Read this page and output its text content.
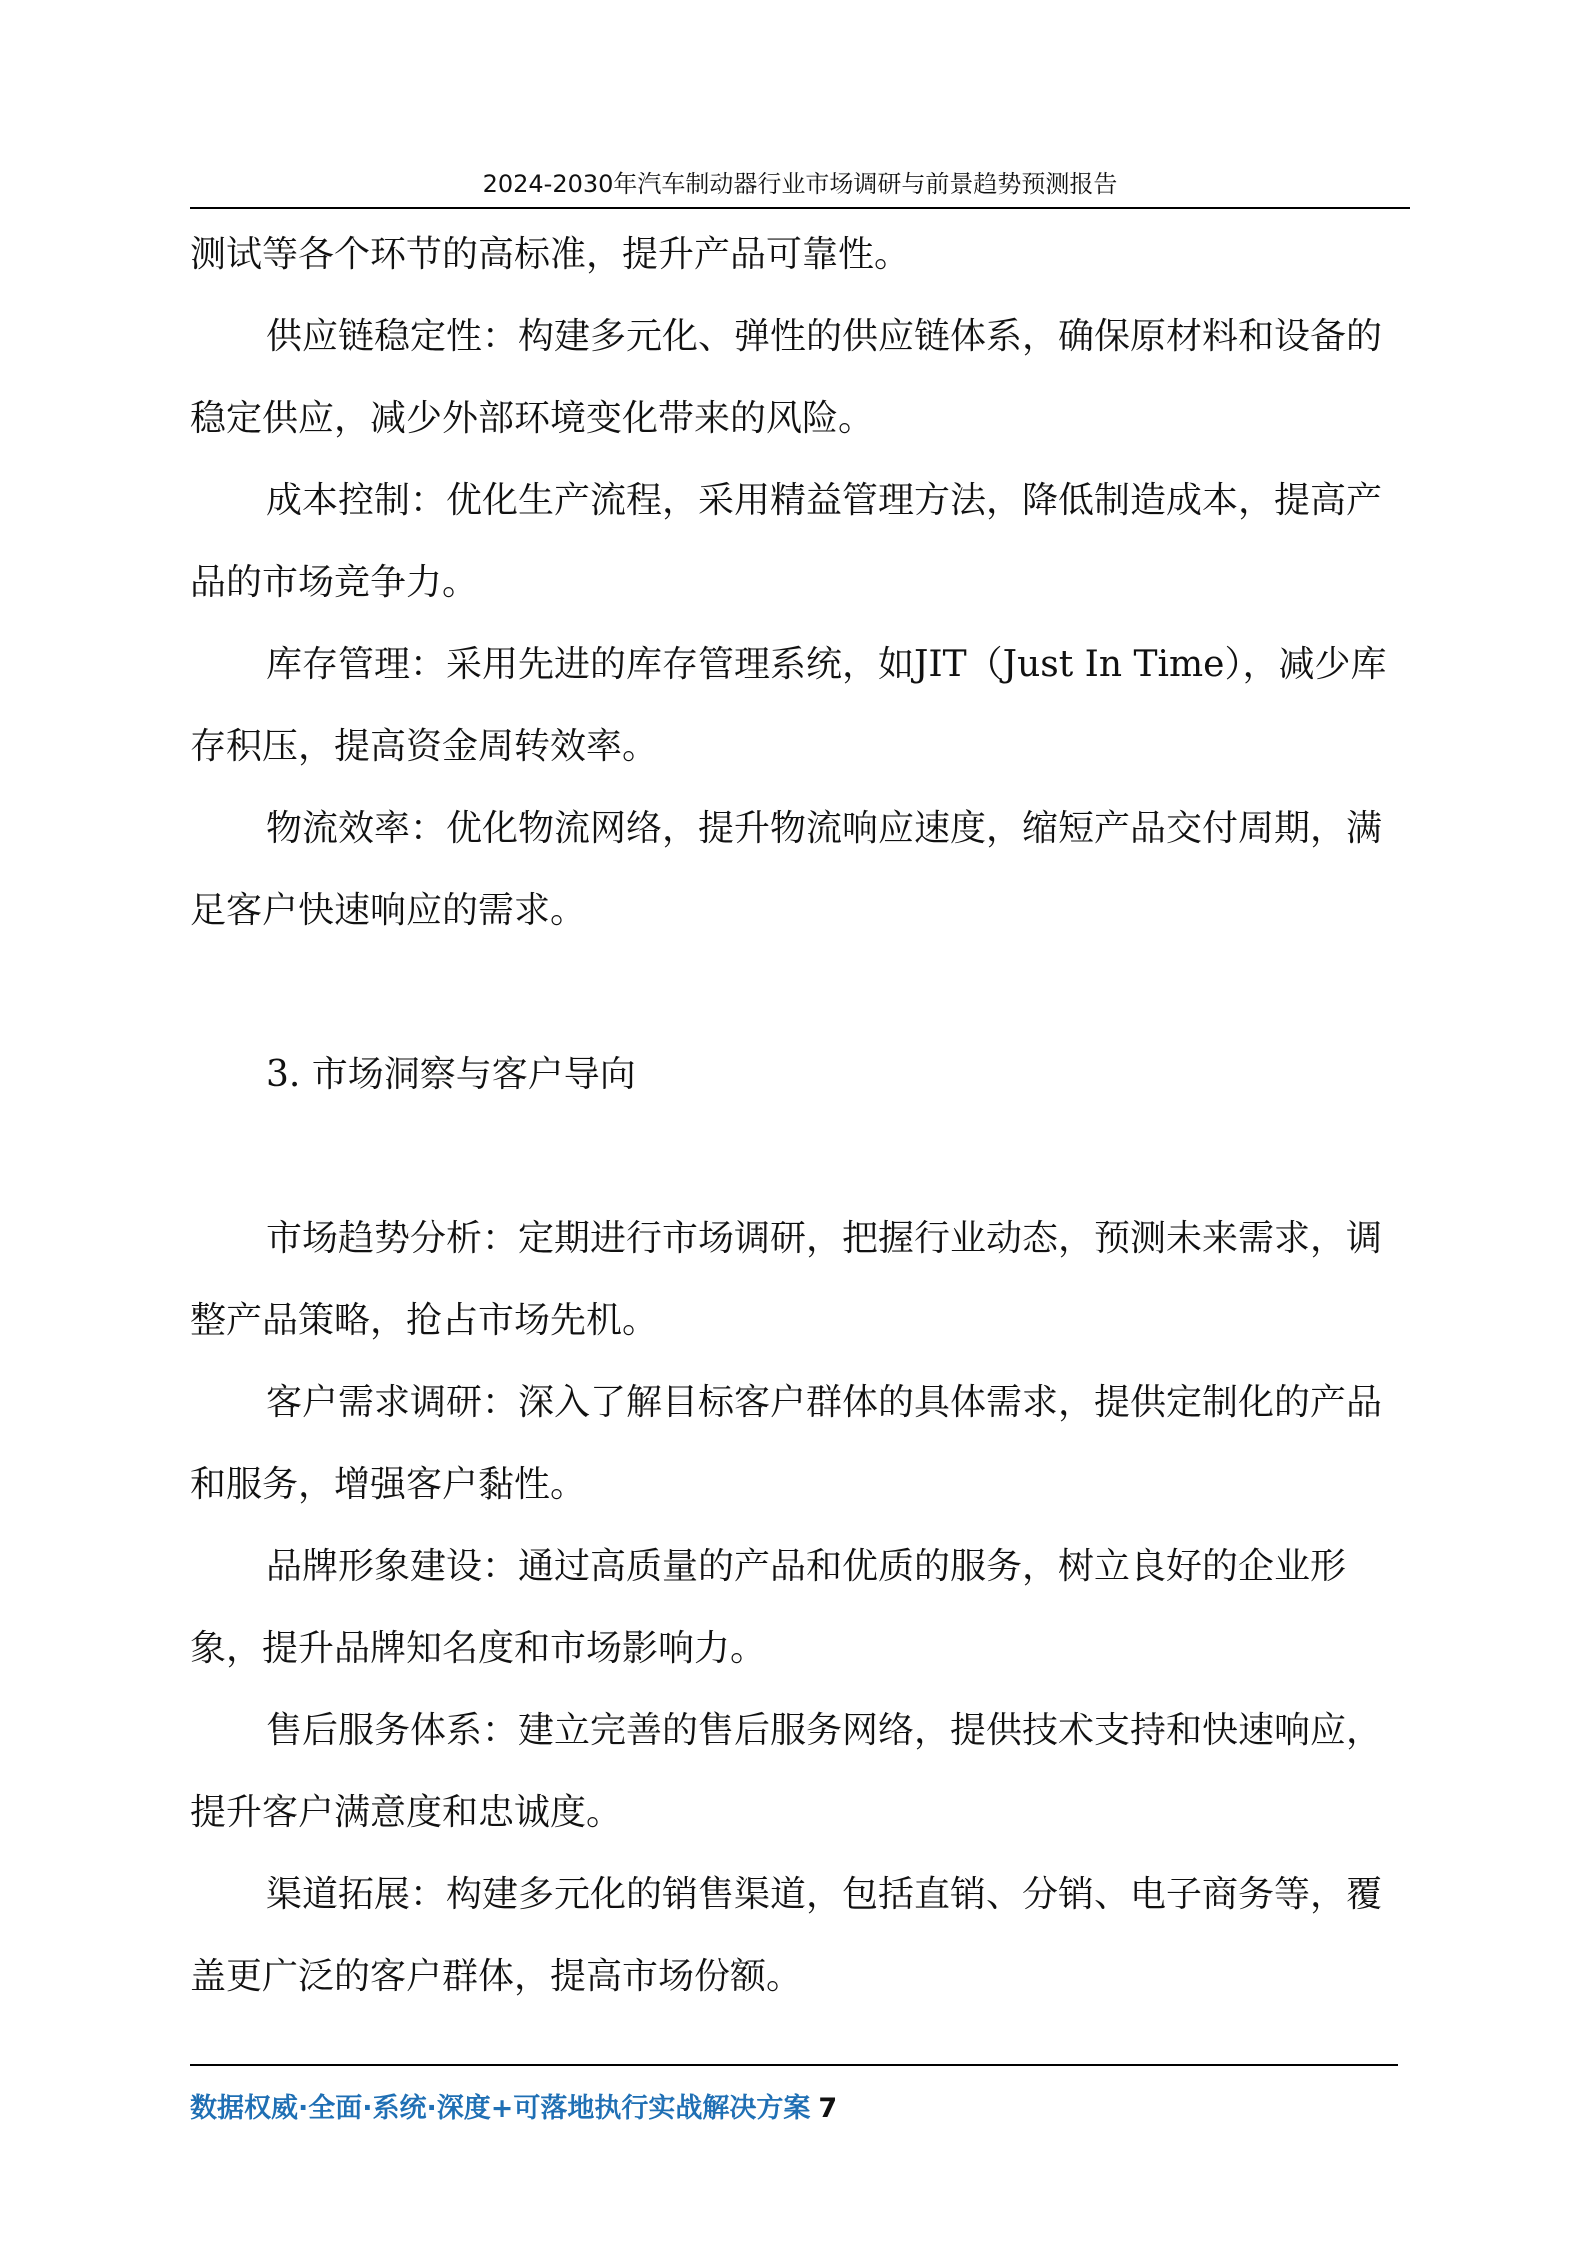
2024-2030年汽车制动器行业市场调研与前景趋势预测报告

测试等各个环节的高标准，提升产品可靠性。

供应链稳定性：构建多元化、弹性的供应链体系，确保原材料和设备的稳定供应，减少外部环境变化带来的风险。

成本控制：优化生产流程，采用精益管理方法，降低制造成本，提高产品的市场竞争力。

库存管理：采用先进的库存管理系统，如JIT（Just In Time），减少库存积压，提高资金周转效率。

物流效率：优化物流网络，提升物流响应速度，缩短产品交付周期，满足客户快速响应的需求。

3. 市场洞察与客户导向

市场趋势分析：定期进行市场调研，把握行业动态，预测未来需求，调整产品策略，抢占市场先机。

客户需求调研：深入了解目标客户群体的具体需求，提供定制化的产品和服务，增强客户黏性。

品牌形象建设：通过高质量的产品和优质的服务，树立良好的企业形象，提升品牌知名度和市场影响力。

售后服务体系：建立完善的售后服务网络，提供技术支持和快速响应，提升客户满意度和忠诚度。

渠道拓展：构建多元化的销售渠道，包括直销、分销、电子商务等，覆盖更广泛的客户群体，提高市场份额。

数据权威·全面·系统·深度+可落地执行实战解决方案 7
